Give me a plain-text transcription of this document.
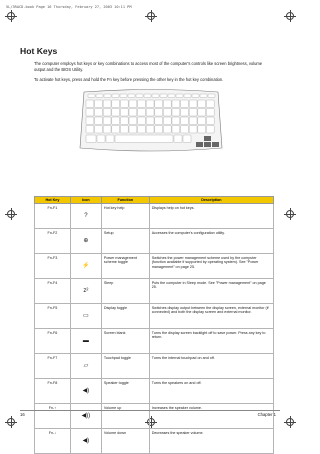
5L/3RACD.book Page 16 Thursday, February 27, 2003 10:11 PM
Hot Keys

The computer employs hot keys or key combinations to access most of the computer's controls like screen brightness, volume output and the BIOS Utility.

To activate hot keys, press and hold the Fn key before pressing the other key in the hot key combination.

Hot Key	Icon	Function	Description
Fn-F1	?	Hot key help	Displays help on hot keys.
Fn-F2	⊕	Setup	Accesses the computer's configuration utility.
Fn-F3	⚡	Power management scheme toggle	Switches the power management scheme used by the computer (function available if supported by operating system). See "Power management" on page 25.
Fn-F4	z²	Sleep	Puts the computer in Sleep mode. See "Power management" on page 25.
Fn-F5	▭	Display toggle	Switches display output between the display screen, external monitor (if connected) and both the display screen and external monitor.
Fn-F6	▬	Screen blank	Turns the display screen backlight off to save power. Press any key to return.
Fn-F7	▱	Touchpad toggle	Turns the internal touchpad on and off.
Fn-F8	◀)	Speaker toggle	Turns the speakers on and off.
Fn-↑	◀))	Volume up	Increases the speaker volume.
Fn-↓	◀)	Volume down	Decreases the speaker volume.
16	Chapter 1
